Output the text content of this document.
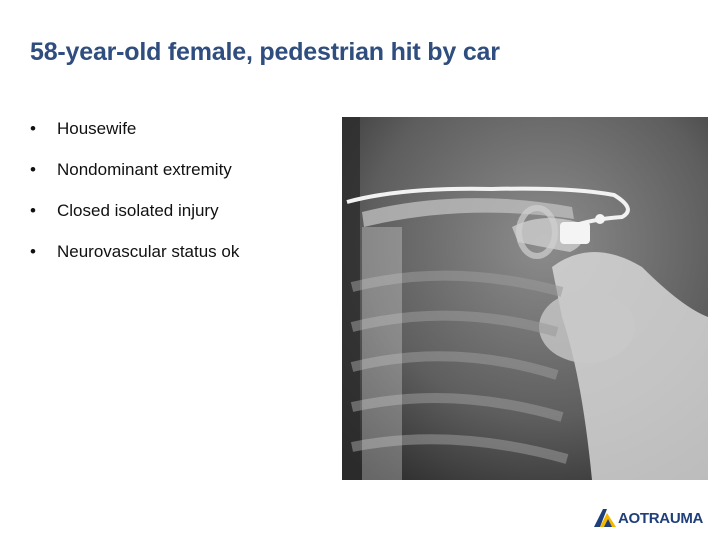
58-year-old female, pedestrian hit by car
• Housewife
• Nondominant extremity
• Closed isolated injury
• Neurovascular status ok
AO TRAUMA
